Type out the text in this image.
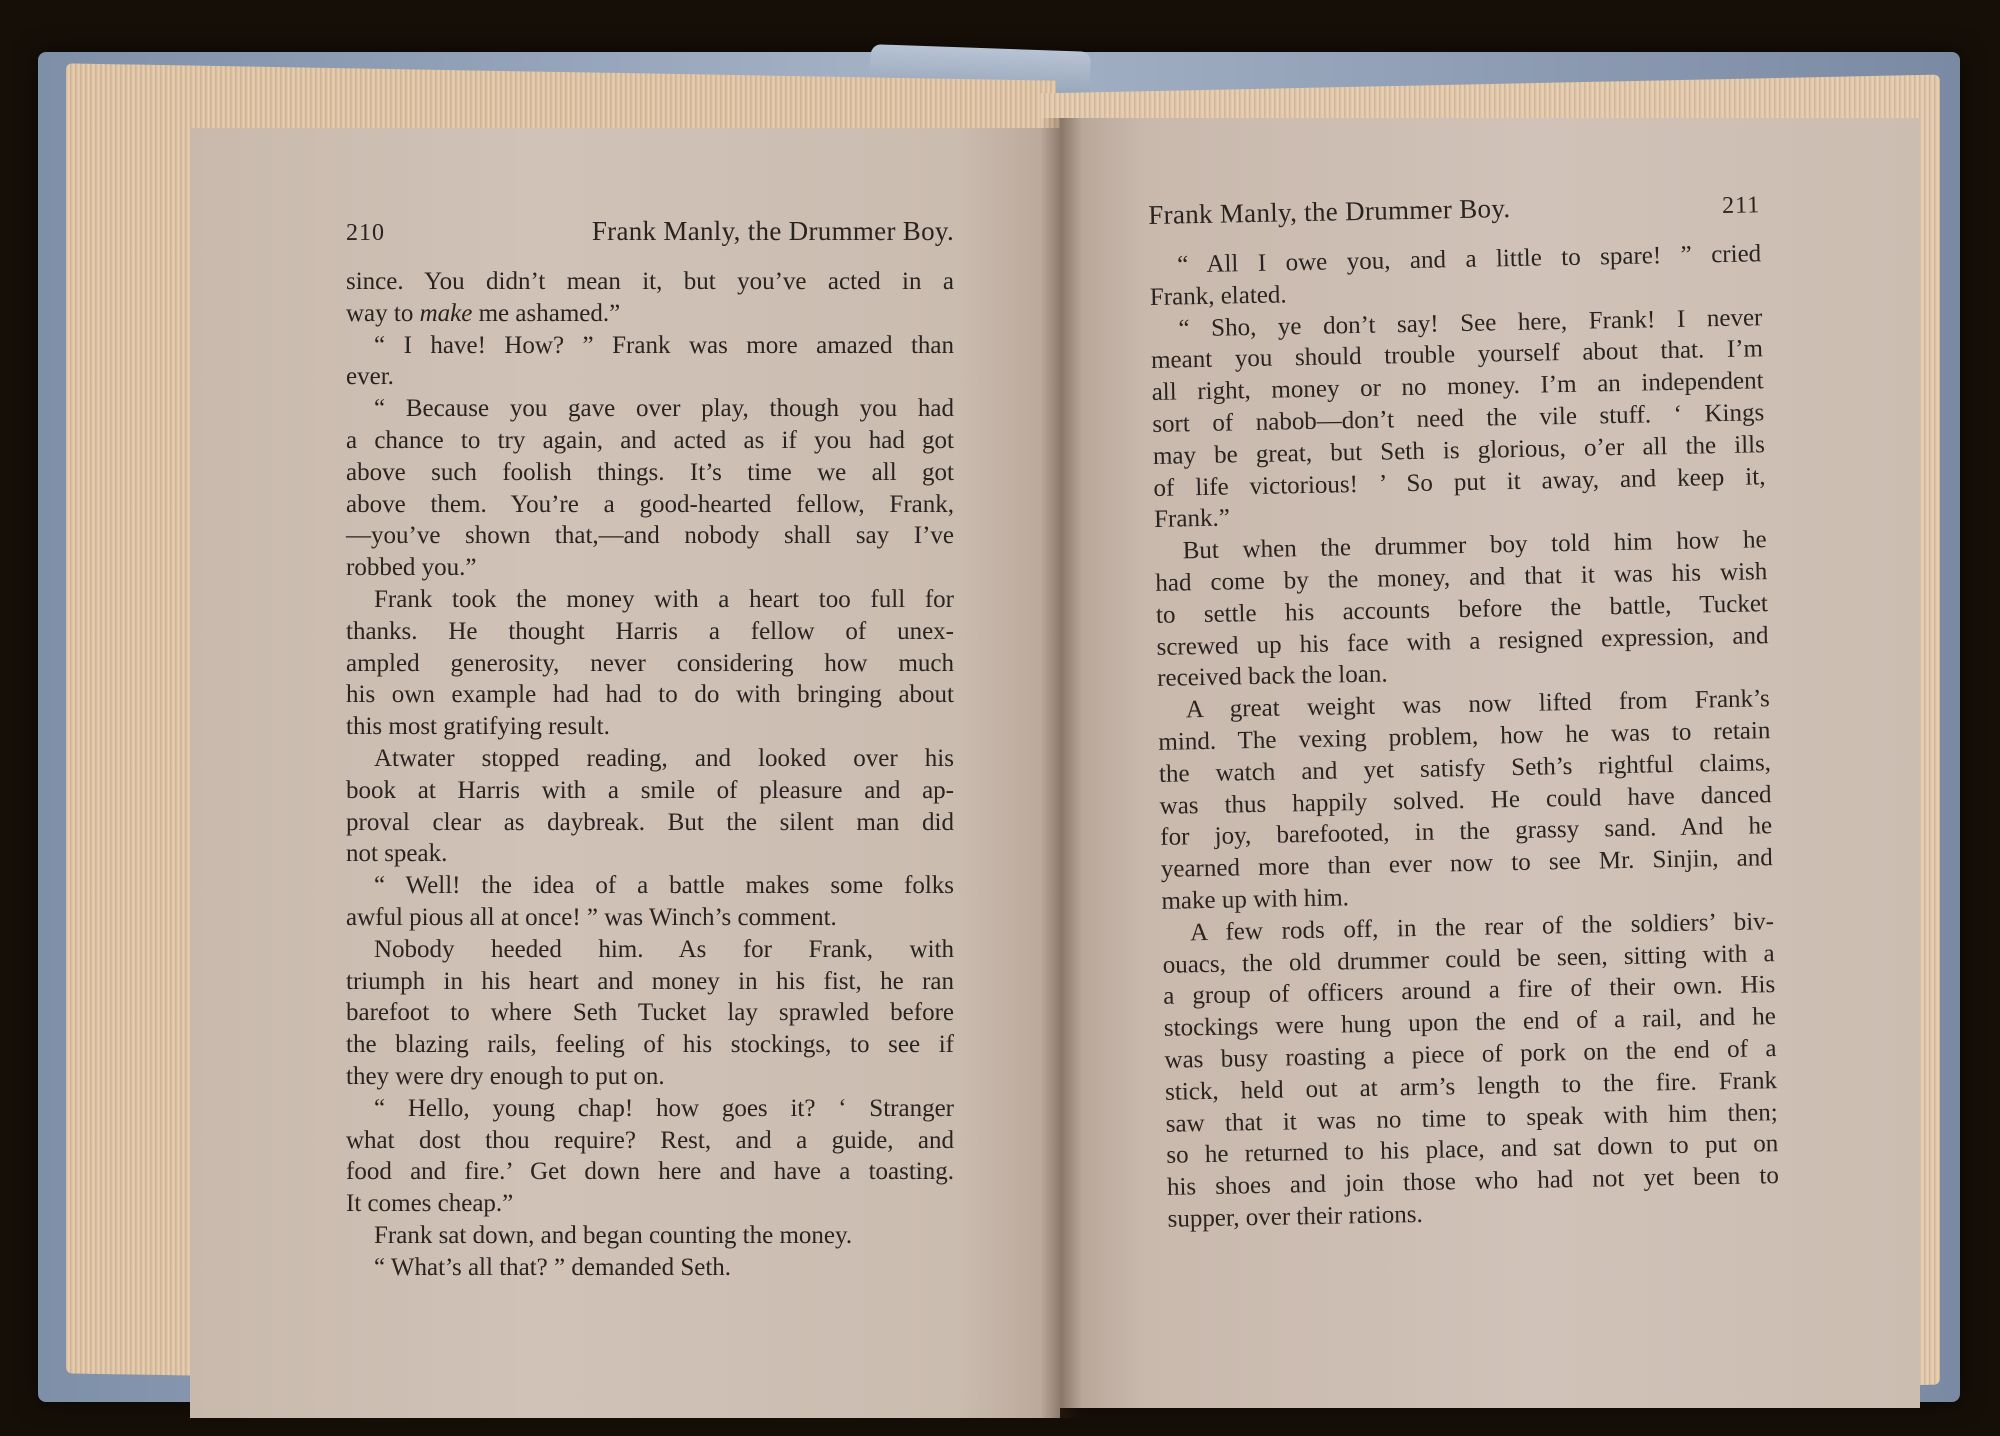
210	Frank Manly, the Drummer Boy.
since. You didn’t mean it, but you’ve acted in a
way to make me ashamed.”
“ I have! How? ” Frank was more amazed than
ever.
“ Because you gave over play, though you had
a chance to try again, and acted as if you had got
above such foolish things. It’s time we all got
above them. You’re a good-hearted fellow, Frank,
—you’ve shown that,—and nobody shall say I’ve
robbed you.”
Frank took the money with a heart too full for
thanks. He thought Harris a fellow of unex-
ampled generosity, never considering how much
his own example had had to do with bringing about
this most gratifying result.
Atwater stopped reading, and looked over his
book at Harris with a smile of pleasure and ap-
proval clear as daybreak. But the silent man did
not speak.
“ Well! the idea of a battle makes some folks
awful pious all at once! ” was Winch’s comment.
Nobody heeded him. As for Frank, with
triumph in his heart and money in his fist, he ran
barefoot to where Seth Tucket lay sprawled before
the blazing rails, feeling of his stockings, to see if
they were dry enough to put on.
“ Hello, young chap! how goes it? ‘ Stranger
what dost thou require? Rest, and a guide, and
food and fire.’ Get down here and have a toasting.
It comes cheap.”
Frank sat down, and began counting the money.
“ What’s all that? ” demanded Seth.
Frank Manly, the Drummer Boy.	211
“ All I owe you, and a little to spare! ” cried
Frank, elated.
“ Sho, ye don’t say! See here, Frank! I never
meant you should trouble yourself about that. I’m
all right, money or no money. I’m an independent
sort of nabob—don’t need the vile stuff. ‘ Kings
may be great, but Seth is glorious, o’er all the ills
of life victorious! ’ So put it away, and keep it,
Frank.”
But when the drummer boy told him how he
had come by the money, and that it was his wish
to settle his accounts before the battle, Tucket
screwed up his face with a resigned expression, and
received back the loan.
A great weight was now lifted from Frank’s
mind. The vexing problem, how he was to retain
the watch and yet satisfy Seth’s rightful claims,
was thus happily solved. He could have danced
for joy, barefooted, in the grassy sand. And he
yearned more than ever now to see Mr. Sinjin, and
make up with him.
A few rods off, in the rear of the soldiers’ biv-
ouacs, the old drummer could be seen, sitting with a
a group of officers around a fire of their own. His
stockings were hung upon the end of a rail, and he
was busy roasting a piece of pork on the end of a
stick, held out at arm’s length to the fire. Frank
saw that it was no time to speak with him then;
so he returned to his place, and sat down to put on
his shoes and join those who had not yet been to
supper, over their rations.
